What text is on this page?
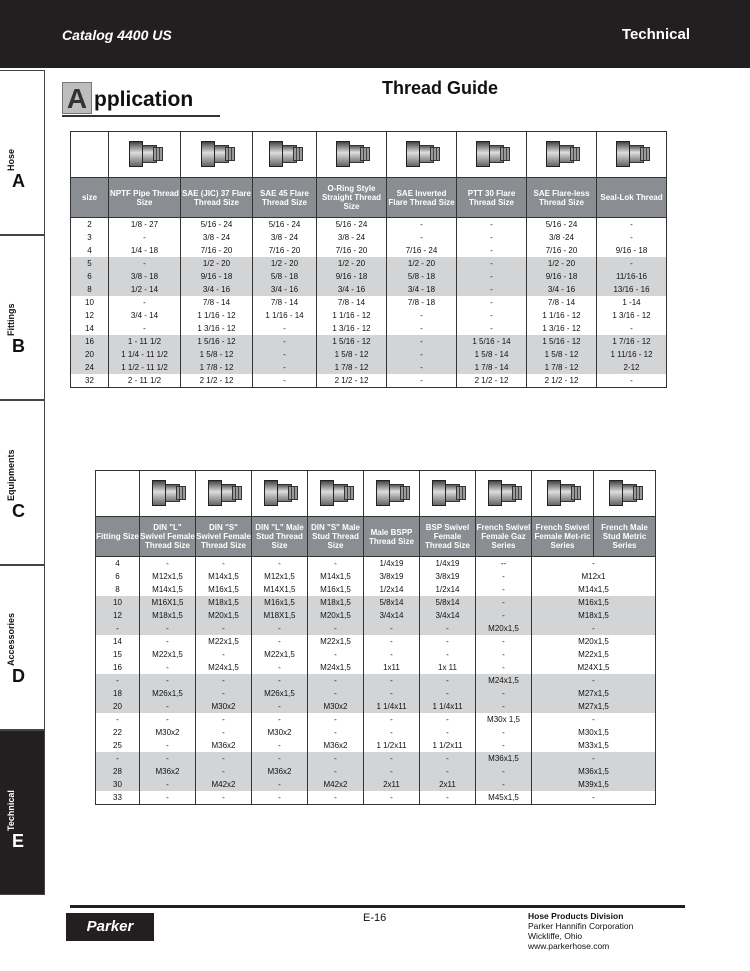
Catalog 4400 US	Technical
Hose
A
Fittings
B
Equipments
C
Accessories
D
Technical
E
A pplication	Thread Guide

size	NPTF Pipe Thread Size	SAE (JIC) 37 Flare Thread Size	SAE 45 Flare Thread Size	O-Ring Style Straight Thread Size	SAE Inverted Flare Thread Size	PTT 30 Flare Thread Size	SAE Flare-less Thread Size	Seal-Lok Thread
2	1/8 - 27	5/16 - 24	5/16 - 24	5/16 - 24	-	-	5/16 - 24	-
3	-	3/8 - 24	3/8 - 24	3/8 - 24	-	-	3/8 -24	-
4	1/4 - 18	7/16 - 20	7/16 - 20	7/16 - 20	7/16 - 24	-	7/16 - 20	9/16 - 18
5	-	1/2 - 20	1/2 - 20	1/2 - 20	1/2 - 20	-	1/2 - 20	-
6	3/8 - 18	9/16 - 18	5/8 - 18	9/16 - 18	5/8 - 18	-	9/16 - 18	11/16-16
8	1/2 - 14	3/4 - 16	3/4 - 16	3/4 - 16	3/4 - 18	-	3/4 - 16	13/16 - 16
10	-	7/8 - 14	7/8 - 14	7/8 - 14	7/8 - 18	-	7/8 - 14	1 -14
12	3/4 - 14	1 1/16 - 12	1 1/16 - 14	1 1/16 - 12	-	-	1 1/16 - 12	1 3/16 - 12
14	-	1 3/16 - 12	-	1 3/16 - 12	-	-	1 3/16 - 12	-
16	1 - 11 1/2	1 5/16 - 12	-	1 5/16 - 12	-	1 5/16 - 14	1 5/16 - 12	1 7/16 - 12
20	1 1/4 - 11 1/2	1 5/8 - 12	-	1 5/8 - 12	-	1 5/8 - 14	1 5/8 - 12	1 11/16 - 12
24	1 1/2 - 11 1/2	1 7/8 - 12	-	1 7/8 - 12	-	1 7/8 - 14	1 7/8 - 12	2-12
32	2 - 11 1/2	2 1/2 - 12	-	2 1/2 - 12	-	2 1/2 - 12	2 1/2 - 12	-

Fitting Size	DIN "L" Swivel Female Thread Size	DIN "S" Swivel Female Thread Size	DIN "L" Male Stud Thread Size	DIN "S" Male Stud Thread Size	Male BSPP Thread Size	BSP Swivel Female Thread Size	French Swivel Female Gaz Series	French Swivel Female Met-ric Series	French Male Stud Metric Series
4	-	-	-	-	1/4x19	1/4x19	--	-	
6	M12x1,5	M14x1,5	M12x1,5	M14x1,5	3/8x19	3/8x19	-	M12x1	
8	M14x1,5	M16x1,5	M14X1,5	M16x1,5	1/2x14	1/2x14	-	M14x1,5	
10	M16X1,5	M18x1,5	M16x1,5	M18x1,5	5/8x14	5/8x14	-	M16x1,5	
12	M18x1,5	M20x1,5	M18X1,5	M20x1,5	3/4x14	3/4x14	-	M18x1,5	
-	-	-	-	-	-	-	M20x1,5	-	
14	-	M22x1,5	-	M22x1,5	-	-	-	M20x1,5	
15	M22x1,5	-	M22x1,5	-	-	-	-	M22x1,5	
16	-	M24x1,5	-	M24x1,5	1x11	1x 11	-	M24X1,5	
-	-	-	-	-	-	-	M24x1,5	-	
18	M26x1,5	-	M26x1,5	-	-	-	-	M27x1,5	
20	-	M30x2	-	M30x2	1 1/4x11	1 1/4x11	-	M27x1,5	
-	-	-	-	-	-	-	M30x 1,5	-	
22	M30x2	-	M30x2	-	-	-	-	M30x1,5	
25	-	M36x2	-	M36x2	1 1/2x11	1 1/2x11	-	M33x1,5	
-	-	-	-	-	-	-	M36x1,5	-	
28	M36x2	-	M36x2	-	-	-	-	M36x1,5	
30	-	M42x2	-	M42x2	2x11	2x11	-	M39x1,5	
33	-	-	-	-	-	-	M45x1,5	-	
Parker	E-16	Hose Products Division
Parker Hannifin Corporation
Wickliffe, Ohio
www.parkerhose.com
